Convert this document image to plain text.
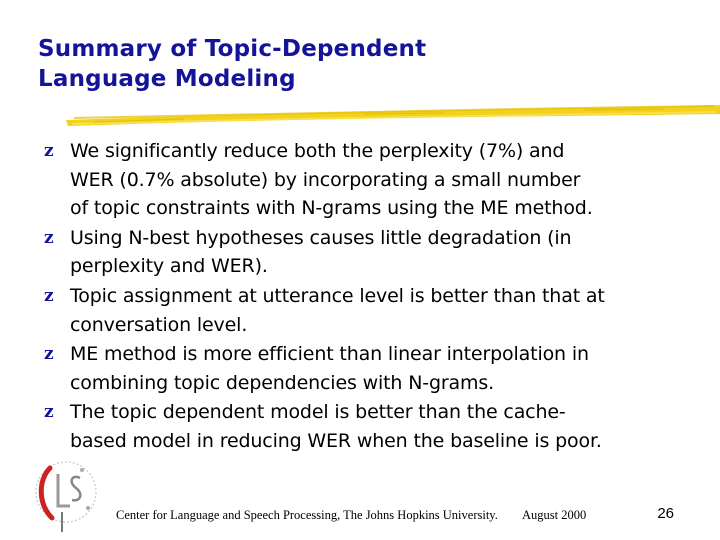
Summary of Topic-Dependent
Language Modeling
z We significantly reduce both the perplexity (7%) and
WER (0.7% absolute) by incorporating a small number
of topic constraints with N-grams using the ME method.
z Using N-best hypotheses causes little degradation (in
perplexity and WER).
z Topic assignment at utterance level is better than that at
conversation level.
z ME method is more efficient than linear interpolation in
combining topic dependencies with N-grams.
z The topic dependent model is better than the cache-
based model in reducing WER when the baseline is poor.
Center for Language and Speech Processing, The Johns Hopkins University. August 2000	26
